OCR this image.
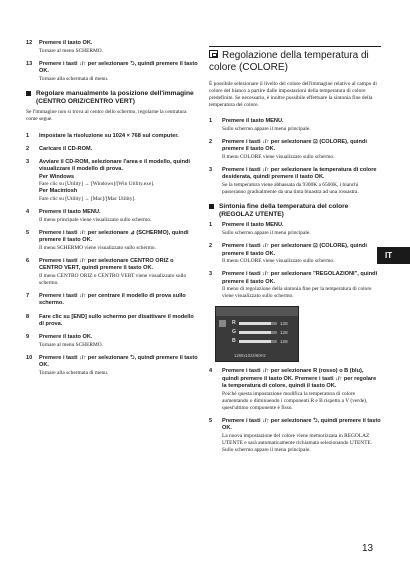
12	Premere il tasto OK.
Tornare al menu SCHERMO.
13	Premere i tasti ↓/↑ per selezionare ⮌, quindi premere il tasto OK.
Tornare alla schermata di menu.
Regolare manualmente la posizione dell'immagine (CENTRO ORIZ/CENTRO VERT)
Se l'immagine non si trova al centro dello schermo, regolarne la centratura come segue.
1	Impostare la risoluzione su 1024 × 768 sul computer.
2	Caricare il CD-ROM.
3	Avviare il CD-ROM, selezionare l'area e il modello, quindi visualizzare il modello di prova.
Per Windows
Fare clic su [Utility] → [Windows]/[Win Utility.exe].
Per Macintosh
Fare clic su [Utility] → [Mac]/[Mac Utility].
4	Premere il tasto MENU.
Il menu principale viene visualizzato sullo schermo.
5	Premere i tasti ↓/↑ per selezionare ⊿ (SCHERMO), quindi premere il tasto OK.
Il menu SCHERMO viene visualizzato sullo schermo.
6	Premere i tasti ↓/↑ per selezionare CENTRO ORIZ o CENTRO VERT, quindi premere il tasto OK.
Il menu CENTRO ORIZ o CENTRO VERT viene visualizzato sullo schermo.
7	Premere i tasti ↓/↑ per centrare il modello di prova sullo schermo.
8	Fare clic su [END] sullo schermo per disattivare il modello di prova.
9	Premere il tasto OK.
Tornare al menu SCHERMO.
10	Premere i tasti ↓/↑ per selezionare ⮌, quindi premere il tasto OK.
Tornare alla schermata di menu.
Regolazione della temperatura di colore (COLORE)
È possibile selezionare il livello del colore dell'immagine relativo al campo di colore del bianco a partire dalle impostazioni della temperatura di colore predefinite. Se necessario, è inoltre possibile effettuare la sintonia fine della temperatura del colore.
1	Premere il tasto MENU.
Sullo schermo appare il menu principale.
2	Premere i tasti ↓/↑ per selezionare ⊡ (COLORE), quindi premere il tasto OK.
Il menu COLORE viene visualizzato sullo schermo.
3	Premere i tasti ↓/↑ per selezionare la temperatura di colore desiderata, quindi premere il tasto OK.
Se la temperatura viene abbassata da 9300K a 6500K, i bianchi passeranno gradualmente da una tinta bluastra ad una rossastra.
Sintonia fine della temperatura del colore (REGOLAZ UTENTE)
1	Premere il tasto MENU.
Sullo schermo appare il menu principale.
2	Premere i tasti ↓/↑ per selezionare ⊡ (COLORE), quindi premere il tasto OK.
Il menu COLORE viene visualizzato sullo schermo.
3	Premere i tasti ↓/↑ per selezionare "REGOLAZIONI", quindi premere il tasto OK.
Il menu di regolazione della sintonia fine per la temperatura di colore viene visualizzato sullo schermo.
R	128
G	128
B	128
1280x1024/60Hz
4	Premere i tasti ↓/↑ per selezionare R (rosso) o B (blu), quindi premere il tasto OK. Premere i tasti ↓/↑ per regolare la temperatura di colore, quindi il tasto OK.
Poiché questa impostazione modifica la temperatura di colore aumentando o diminuendo i componenti R e B rispetto a V (verde), quest'ultimo componente è fisso.
5	Premere i tasti ↓/↑ per selezionare ⮌, quindi premere il tasto OK.
La nuova impostazione del colore viene memorizzata in REGOLAZ UTENTE e sarà automaticamente richiamata selezionando UTENTE.
Sullo schermo appare il menu principale.
IT
13
